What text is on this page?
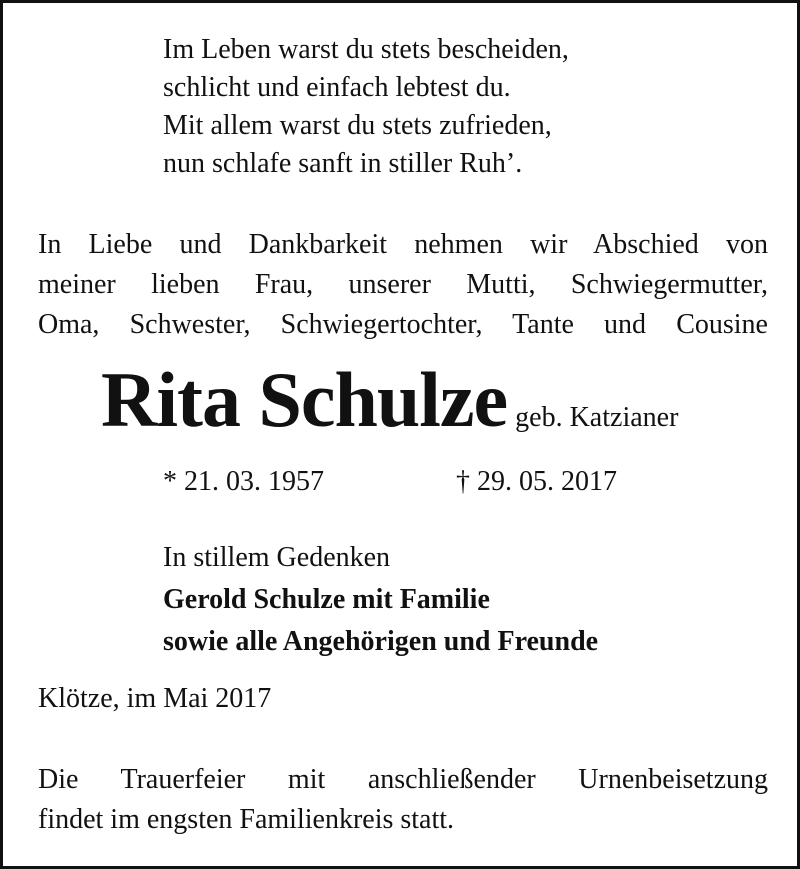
Im Leben warst du stets bescheiden,
schlicht und einfach lebtest du.
Mit allem warst du stets zufrieden,
nun schlafe sanft in stiller Ruh’.
In Liebe und Dankbarkeit nehmen wir Abschied von
meiner lieben Frau, unserer Mutti, Schwiegermutter,
Oma, Schwester, Schwiegertochter, Tante und Cousine
Rita Schulze geb. Katzianer
* 21. 03. 1957	† 29. 05. 2017
In stillem Gedenken
Gerold Schulze mit Familie
sowie alle Angehörigen und Freunde
Klötze, im Mai 2017
Die Trauerfeier mit anschließender Urnenbeisetzung
findet im engsten Familienkreis statt.
